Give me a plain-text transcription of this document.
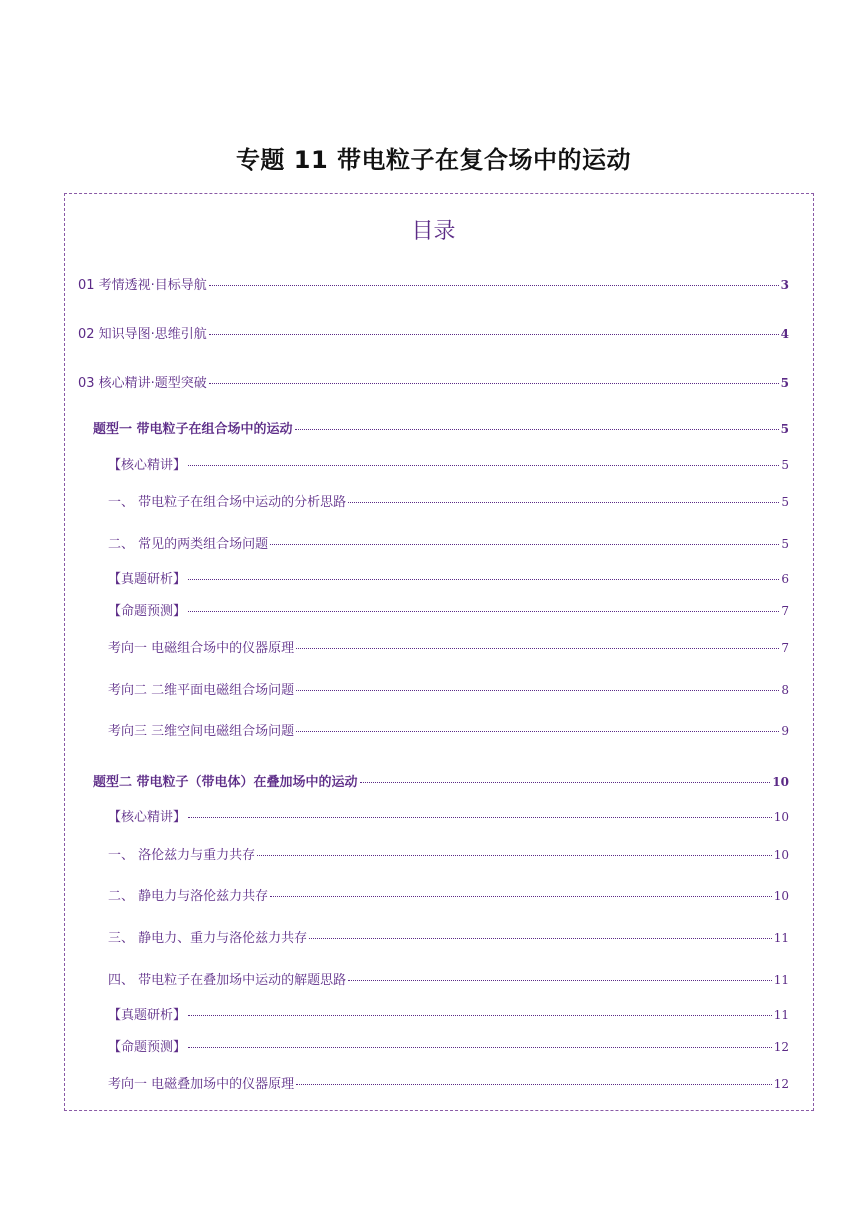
专题 11 带电粒子在复合场中的运动
目录
01 考情透视·目标导航	3
02 知识导图·思维引航	4
03 核心精讲·题型突破	5
题型一 带电粒子在组合场中的运动	5
【核心精讲】	5
一、 带电粒子在组合场中运动的分析思路	5
二、 常见的两类组合场问题	5
【真题研析】	6
【命题预测】	7
考向一 电磁组合场中的仪器原理	7
考向二 二维平面电磁组合场问题	8
考向三 三维空间电磁组合场问题	9
题型二 带电粒子（带电体）在叠加场中的运动	10
【核心精讲】	10
一、 洛伦兹力与重力共存	10
二、 静电力与洛伦兹力共存	10
三、 静电力、重力与洛伦兹力共存	11
四、 带电粒子在叠加场中运动的解题思路	11
【真题研析】	11
【命题预测】	12
考向一 电磁叠加场中的仪器原理	12
